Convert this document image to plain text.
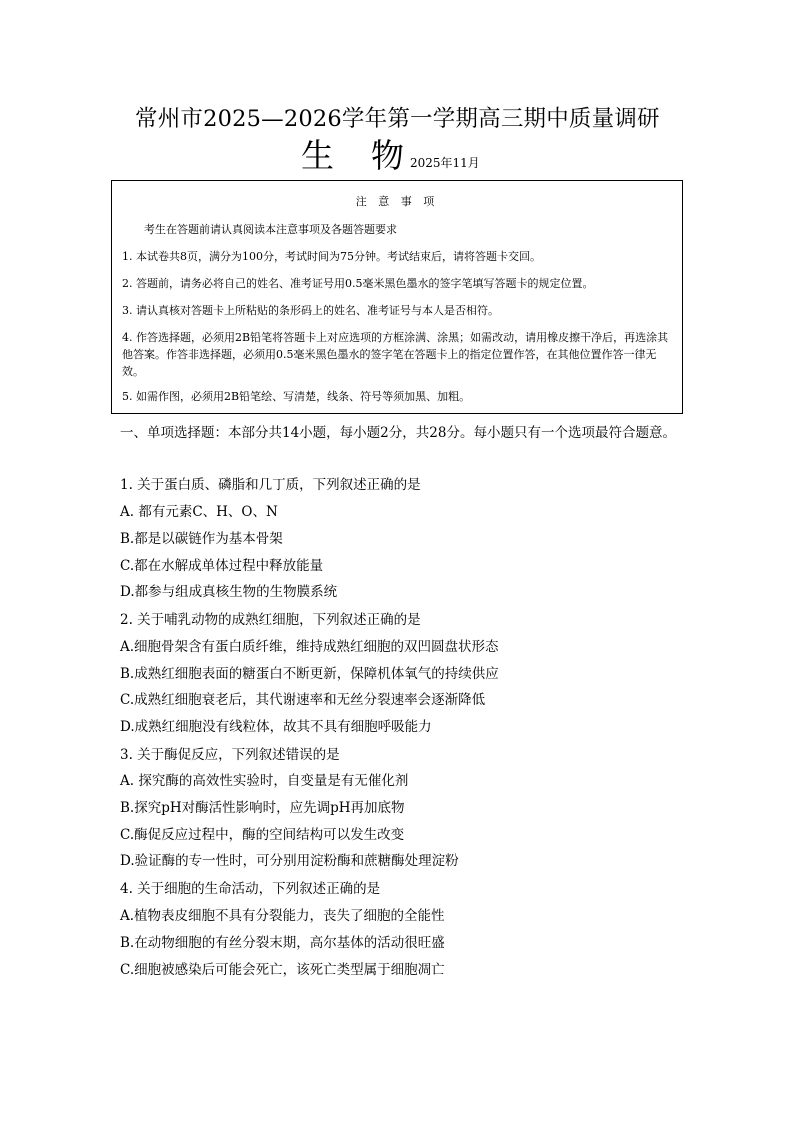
常州市2025—2026学年第一学期高三期中质量调研
生　物 2025年11月
注 意 事 项
考生在答题前请认真阅读本注意事项及各题答题要求
1. 本试卷共8页，满分为100分，考试时间为75分钟。考试结束后，请将答题卡交回。
2. 答题前，请务必将自己的姓名、准考证号用0.5毫米黑色墨水的签字笔填写答题卡的规定位置。
3. 请认真核对答题卡上所粘贴的条形码上的姓名、准考证号与本人是否相符。
4. 作答选择题，必须用2B铅笔将答题卡上对应选项的方框涂满、涂黑；如需改动，请用橡皮擦干净后，再选涂其他答案。作答非选择题，必须用0.5毫米黑色墨水的签字笔在答题卡上的指定位置作答，在其他位置作答一律无效。
5. 如需作图，必须用2B铅笔绘、写清楚，线条、符号等须加黑、加粗。
一、单项选择题：本部分共14小题，每小题2分，共28分。每小题只有一个选项最符合题意。
1. 关于蛋白质、磷脂和几丁质，下列叙述正确的是
A. 都有元素C、H、O、N
B.都是以碳链作为基本骨架
C.都在水解成单体过程中释放能量
D.都参与组成真核生物的生物膜系统
2. 关于哺乳动物的成熟红细胞，下列叙述正确的是
A.细胞骨架含有蛋白质纤维，维持成熟红细胞的双凹圆盘状形态
B.成熟红细胞表面的糖蛋白不断更新，保障机体氧气的持续供应
C.成熟红细胞衰老后，其代谢速率和无丝分裂速率会逐渐降低
D.成熟红细胞没有线粒体，故其不具有细胞呼吸能力
3. 关于酶促反应，下列叙述错误的是
A. 探究酶的高效性实验时，自变量是有无催化剂
B.探究pH对酶活性影响时，应先调pH再加底物
C.酶促反应过程中，酶的空间结构可以发生改变
D.验证酶的专一性时，可分别用淀粉酶和蔗糖酶处理淀粉
4. 关于细胞的生命活动，下列叙述正确的是
A.植物表皮细胞不具有分裂能力，丧失了细胞的全能性
B.在动物细胞的有丝分裂末期，高尔基体的活动很旺盛
C.细胞被感染后可能会死亡，该死亡类型属于细胞凋亡
